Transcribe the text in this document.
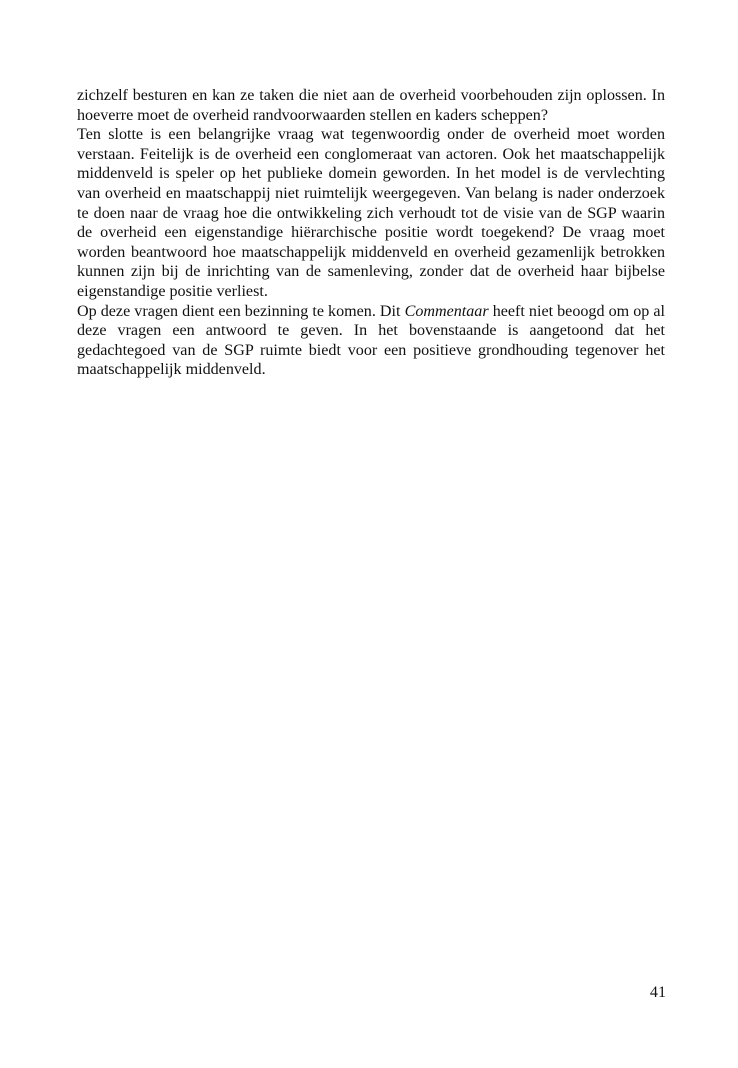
zichzelf besturen en kan ze taken die niet aan de overheid voorbehouden zijn oplossen. In hoeverre moet de overheid randvoorwaarden stellen en kaders scheppen?

Ten slotte is een belangrijke vraag wat tegenwoordig onder de overheid moet worden verstaan. Feitelijk is de overheid een conglomeraat van actoren. Ook het maatschappelijk middenveld is speler op het publieke domein geworden. In het model is de vervlechting van overheid en maatschappij niet ruimtelijk weergegeven. Van belang is nader onderzoek te doen naar de vraag hoe die ontwikkeling zich verhoudt tot de visie van de SGP waarin de overheid een eigenstandige hiërarchische positie wordt toegekend? De vraag moet worden beantwoord hoe maatschappelijk middenveld en overheid gezamenlijk betrokken kunnen zijn bij de inrichting van de samenleving, zonder dat de overheid haar bijbelse eigenstandige positie verliest.

Op deze vragen dient een bezinning te komen. Dit Commentaar heeft niet beoogd om op al deze vragen een antwoord te geven. In het bovenstaande is aangetoond dat het gedachtegoed van de SGP ruimte biedt voor een positieve grondhouding tegenover het maatschappelijk middenveld.

41
